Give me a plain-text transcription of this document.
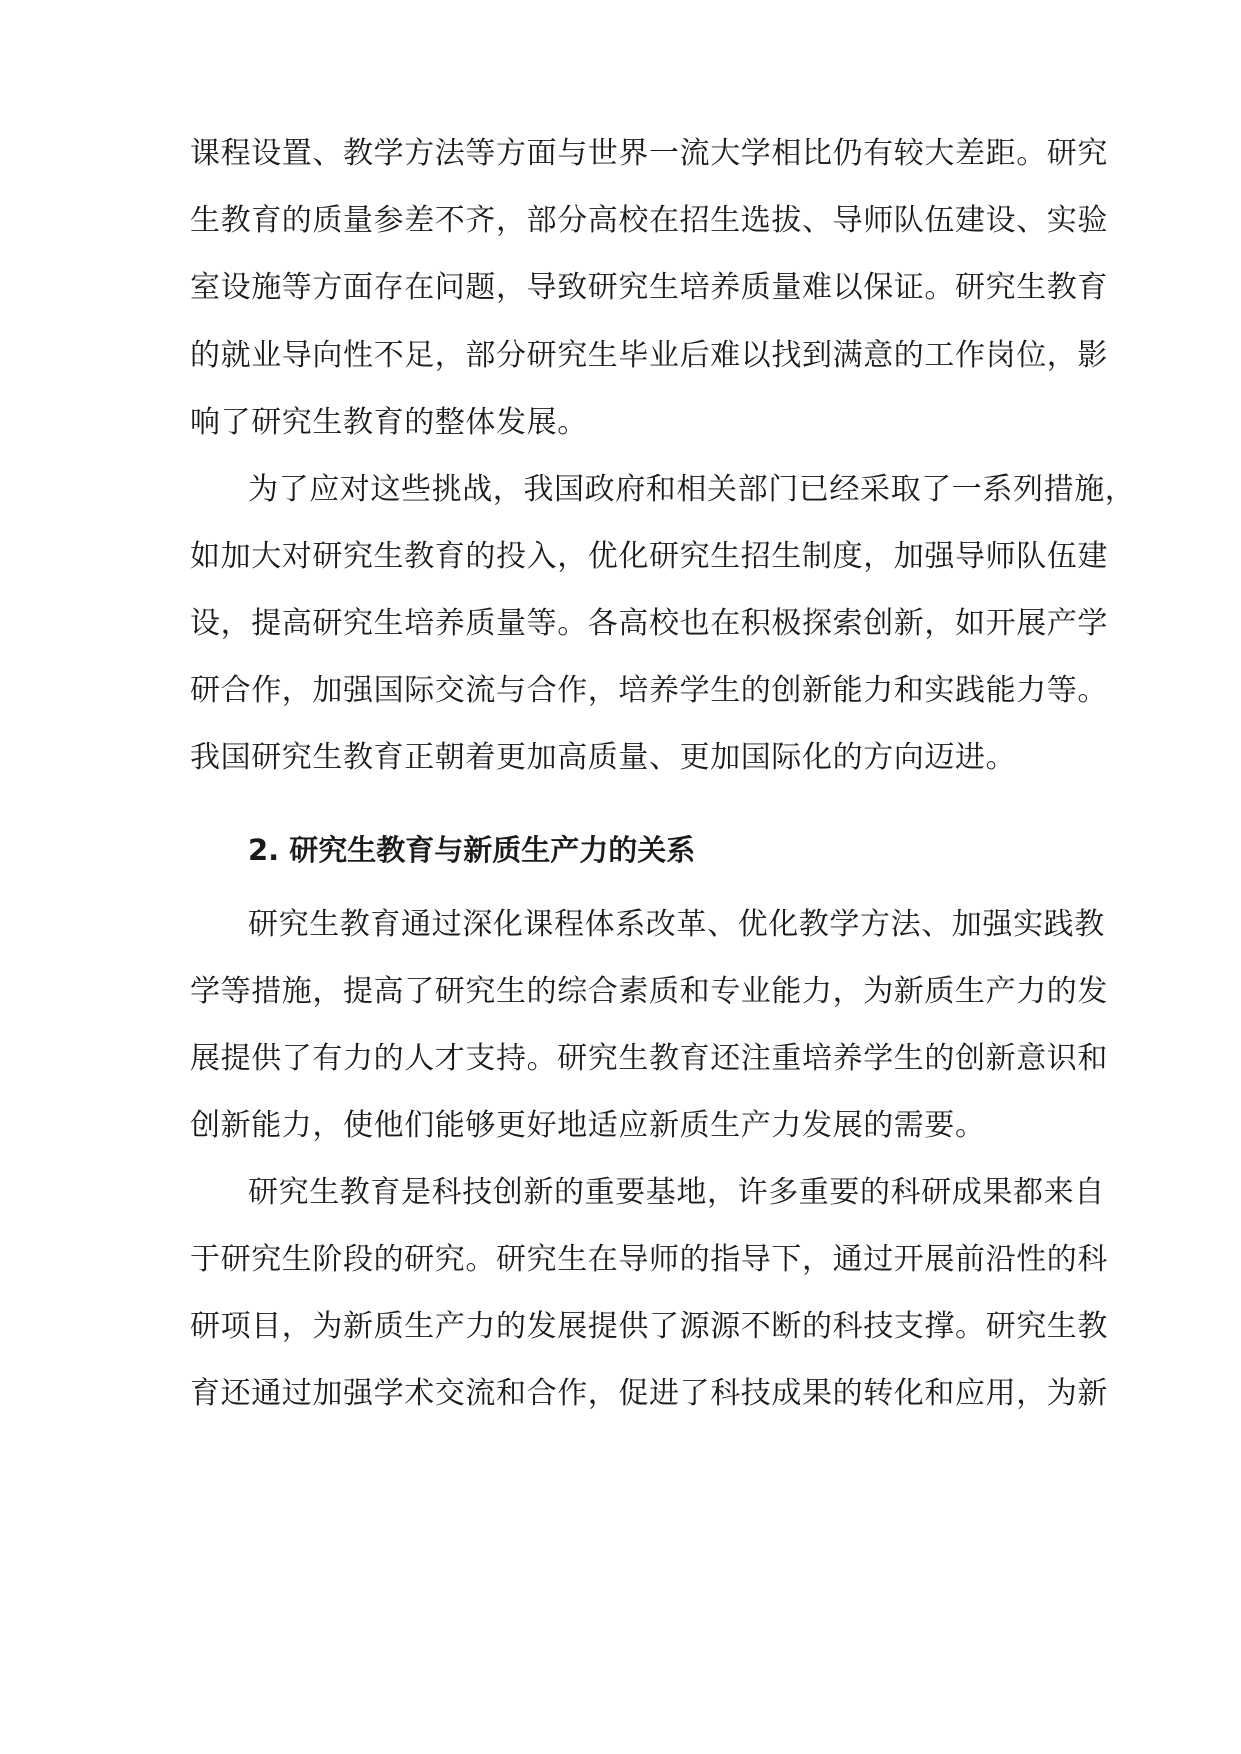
课程设置、教学方法等方面与世界一流大学相比仍有较大差距。研究
生教育的质量参差不齐，部分高校在招生选拔、导师队伍建设、实验
室设施等方面存在问题，导致研究生培养质量难以保证。研究生教育
的就业导向性不足，部分研究生毕业后难以找到满意的工作岗位，影
响了研究生教育的整体发展。
为了应对这些挑战，我国政府和相关部门已经采取了一系列措施，
如加大对研究生教育的投入，优化研究生招生制度，加强导师队伍建
设，提高研究生培养质量等。各高校也在积极探索创新，如开展产学
研合作，加强国际交流与合作，培养学生的创新能力和实践能力等。
我国研究生教育正朝着更加高质量、更加国际化的方向迈进。
2. 研究生教育与新质生产力的关系
研究生教育通过深化课程体系改革、优化教学方法、加强实践教
学等措施，提高了研究生的综合素质和专业能力，为新质生产力的发
展提供了有力的人才支持。研究生教育还注重培养学生的创新意识和
创新能力，使他们能够更好地适应新质生产力发展的需要。
研究生教育是科技创新的重要基地，许多重要的科研成果都来自
于研究生阶段的研究。研究生在导师的指导下，通过开展前沿性的科
研项目，为新质生产力的发展提供了源源不断的科技支撑。研究生教
育还通过加强学术交流和合作，促进了科技成果的转化和应用，为新
